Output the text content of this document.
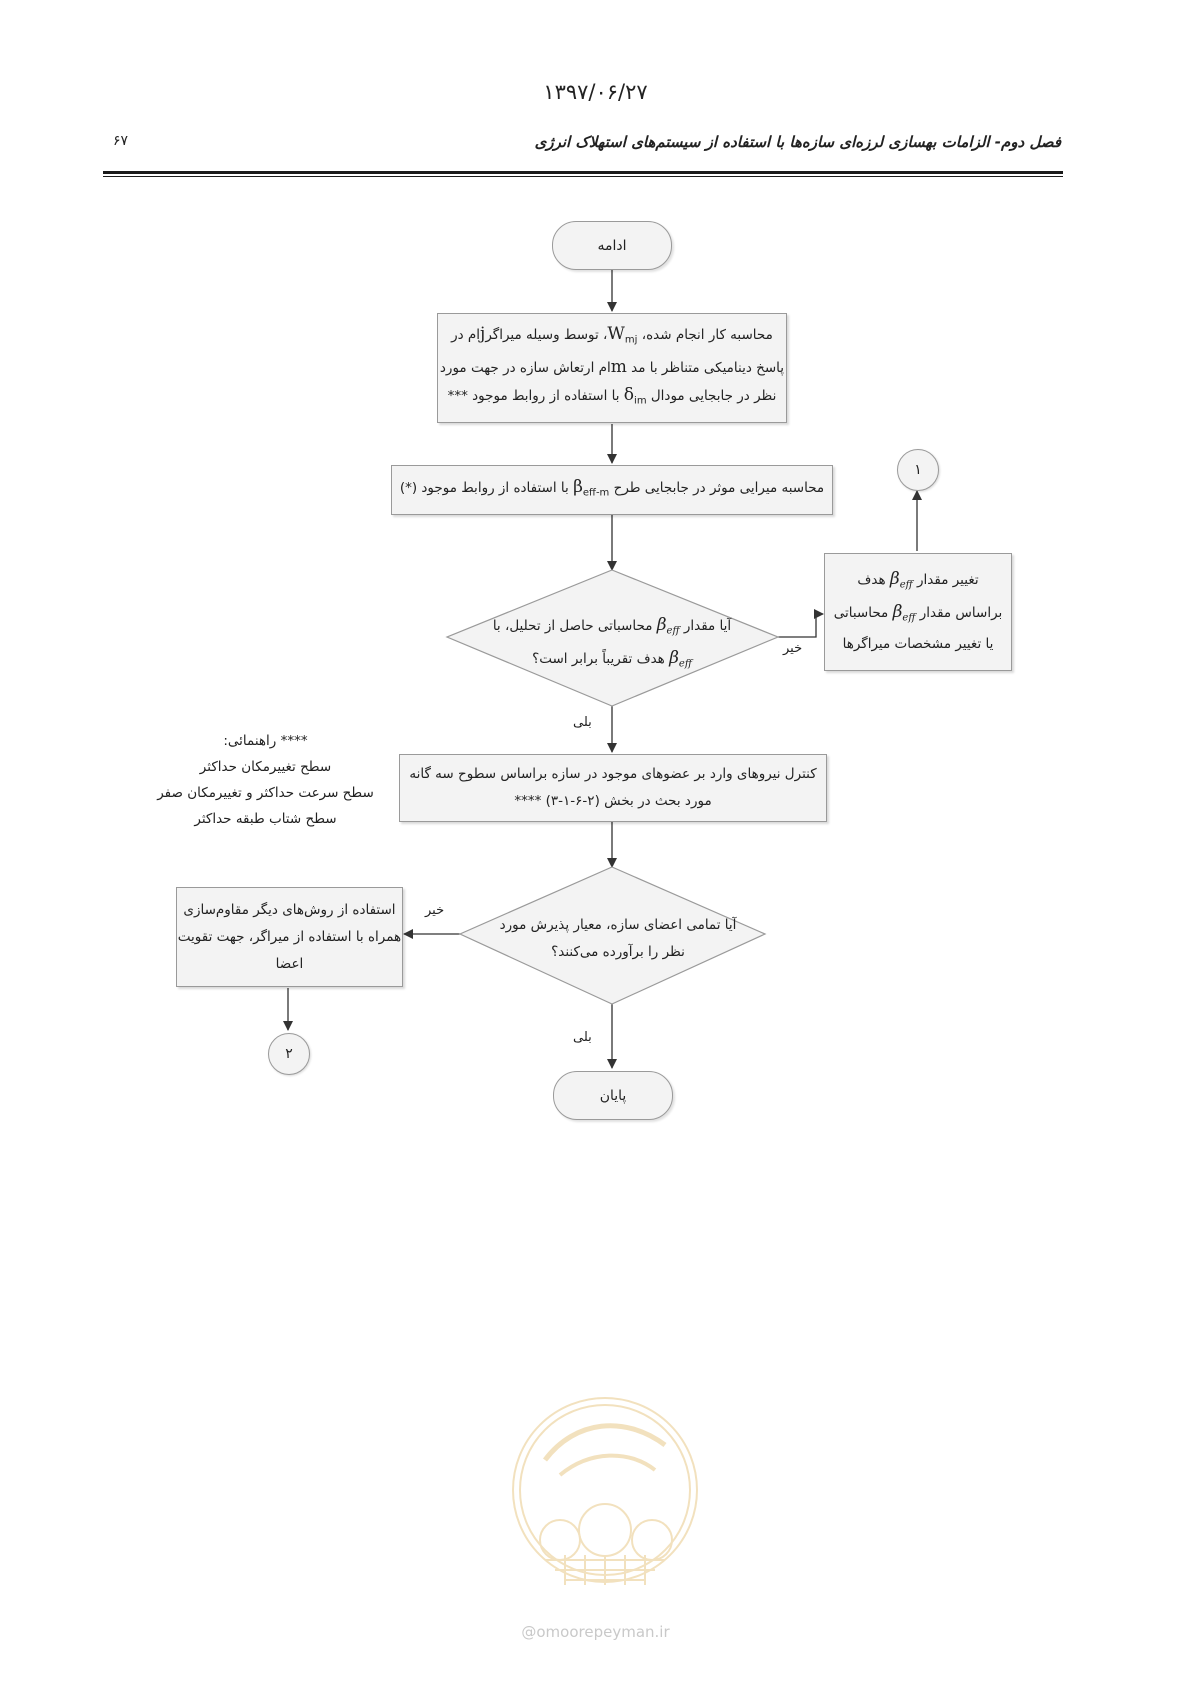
۱۳۹۷/۰۶/۲۷
فصل دوم- الزامات بهسازی لرزه‌ای سازه‌ها با استفاده از سیستم‌های استهلاک انرژی
۶۷
ادامه
محاسبه کار انجام شده، $W_{mj}،$ توسط وسیله میراگرjام در
پاسخ دینامیکی متناظر با مد mام ارتعاش سازه در جهت مورد
نظر در جابجایی مودال $\delta_{im}$ با استفاده از روابط موجود ***
محاسبه میرایی موثر در جابجایی طرح $\beta_{eff-m}$ با استفاده از روابط موجود (*)
آیا مقدار $\beta_{eff}$ محاسباتی حاصل از تحلیل، با
$\beta_{eff}$ هدف تقریباً برابر است؟
خیر
بلی
تغییر مقدار $\beta_{eff}$ هدف
براساس مقدار $\beta_{eff}$ محاسباتی
یا تغییر مشخصات میراگرها
۱
کنترل نیروهای وارد بر عضوهای موجود در سازه براساس سطوح سه گانه
مورد بحث در بخش (۲-۶-۱-۳) ****
**** راهنمائی:
سطح تغییرمکان حداکثر
سطح سرعت حداکثر و تغییرمکان صفر
سطح شتاب طبقه حداکثر
آیا تمامی اعضای سازه، معیار پذیرش مورد
نظر را برآورده می‌کنند؟
خیر
بلی
استفاده از روش‌های دیگر مقاوم‌سازی
همراه با استفاده از میراگر، جهت تقویت
اعضا
۲
پایان
@omoorepeyman.ir
